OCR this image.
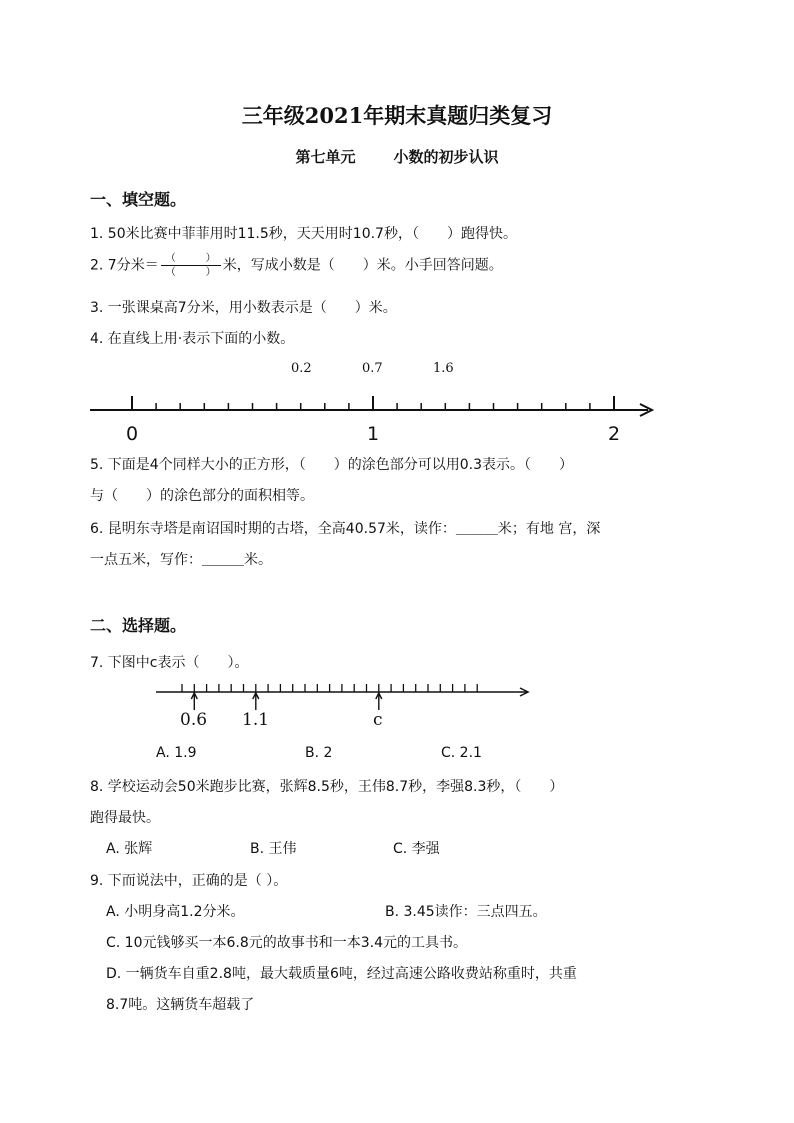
三年级2021年期末真题归类复习
第七单元	小数的初步认识
一、填空题。
1. 50米比赛中菲菲用时11.5秒，天天用时10.7秒，（　　）跑得快。
2. 7分米＝ $\frac{( )}{( )}$ 米，写成小数是（　　）米。小手回答问题。
3. 一张课桌高7分米，用小数表示是（　　）米。
4. 在直线上用·表示下面的小数。
0.2	0.7	1.6
0	1	2
5. 下面是4个同样大小的正方形，（　　）的涂色部分可以用0.3表示。（　　）
与（　　）的涂色部分的面积相等。
6. 昆明东寺塔是南诏国时期的古塔，全高40.57米，读作：＿＿＿米；有地 宫，深
一点五米，写作：＿＿＿米。
二、选择题。
7. 下图中c表示（　　）。
0.6 1.1	c
A. 1.9	B. 2	C. 2.1
8. 学校运动会50米跑步比赛，张辉8.5秒，王伟8.7秒，李强8.3秒，（　　）
跑得最快。
A. 张辉	B. 王伟	C. 李强
9. 下而说法中，正确的是（ ）。
A. 小明身高1.2分米。	B. 3.45读作：三点四五。
C. 10元钱够买一本6.8元的故事书和一本3.4元的工具书。
D. 一辆货车自重2.8吨，最大载质量6吨，经过高速公路收费站称重时，共重
8.7吨。这辆货车超载了
